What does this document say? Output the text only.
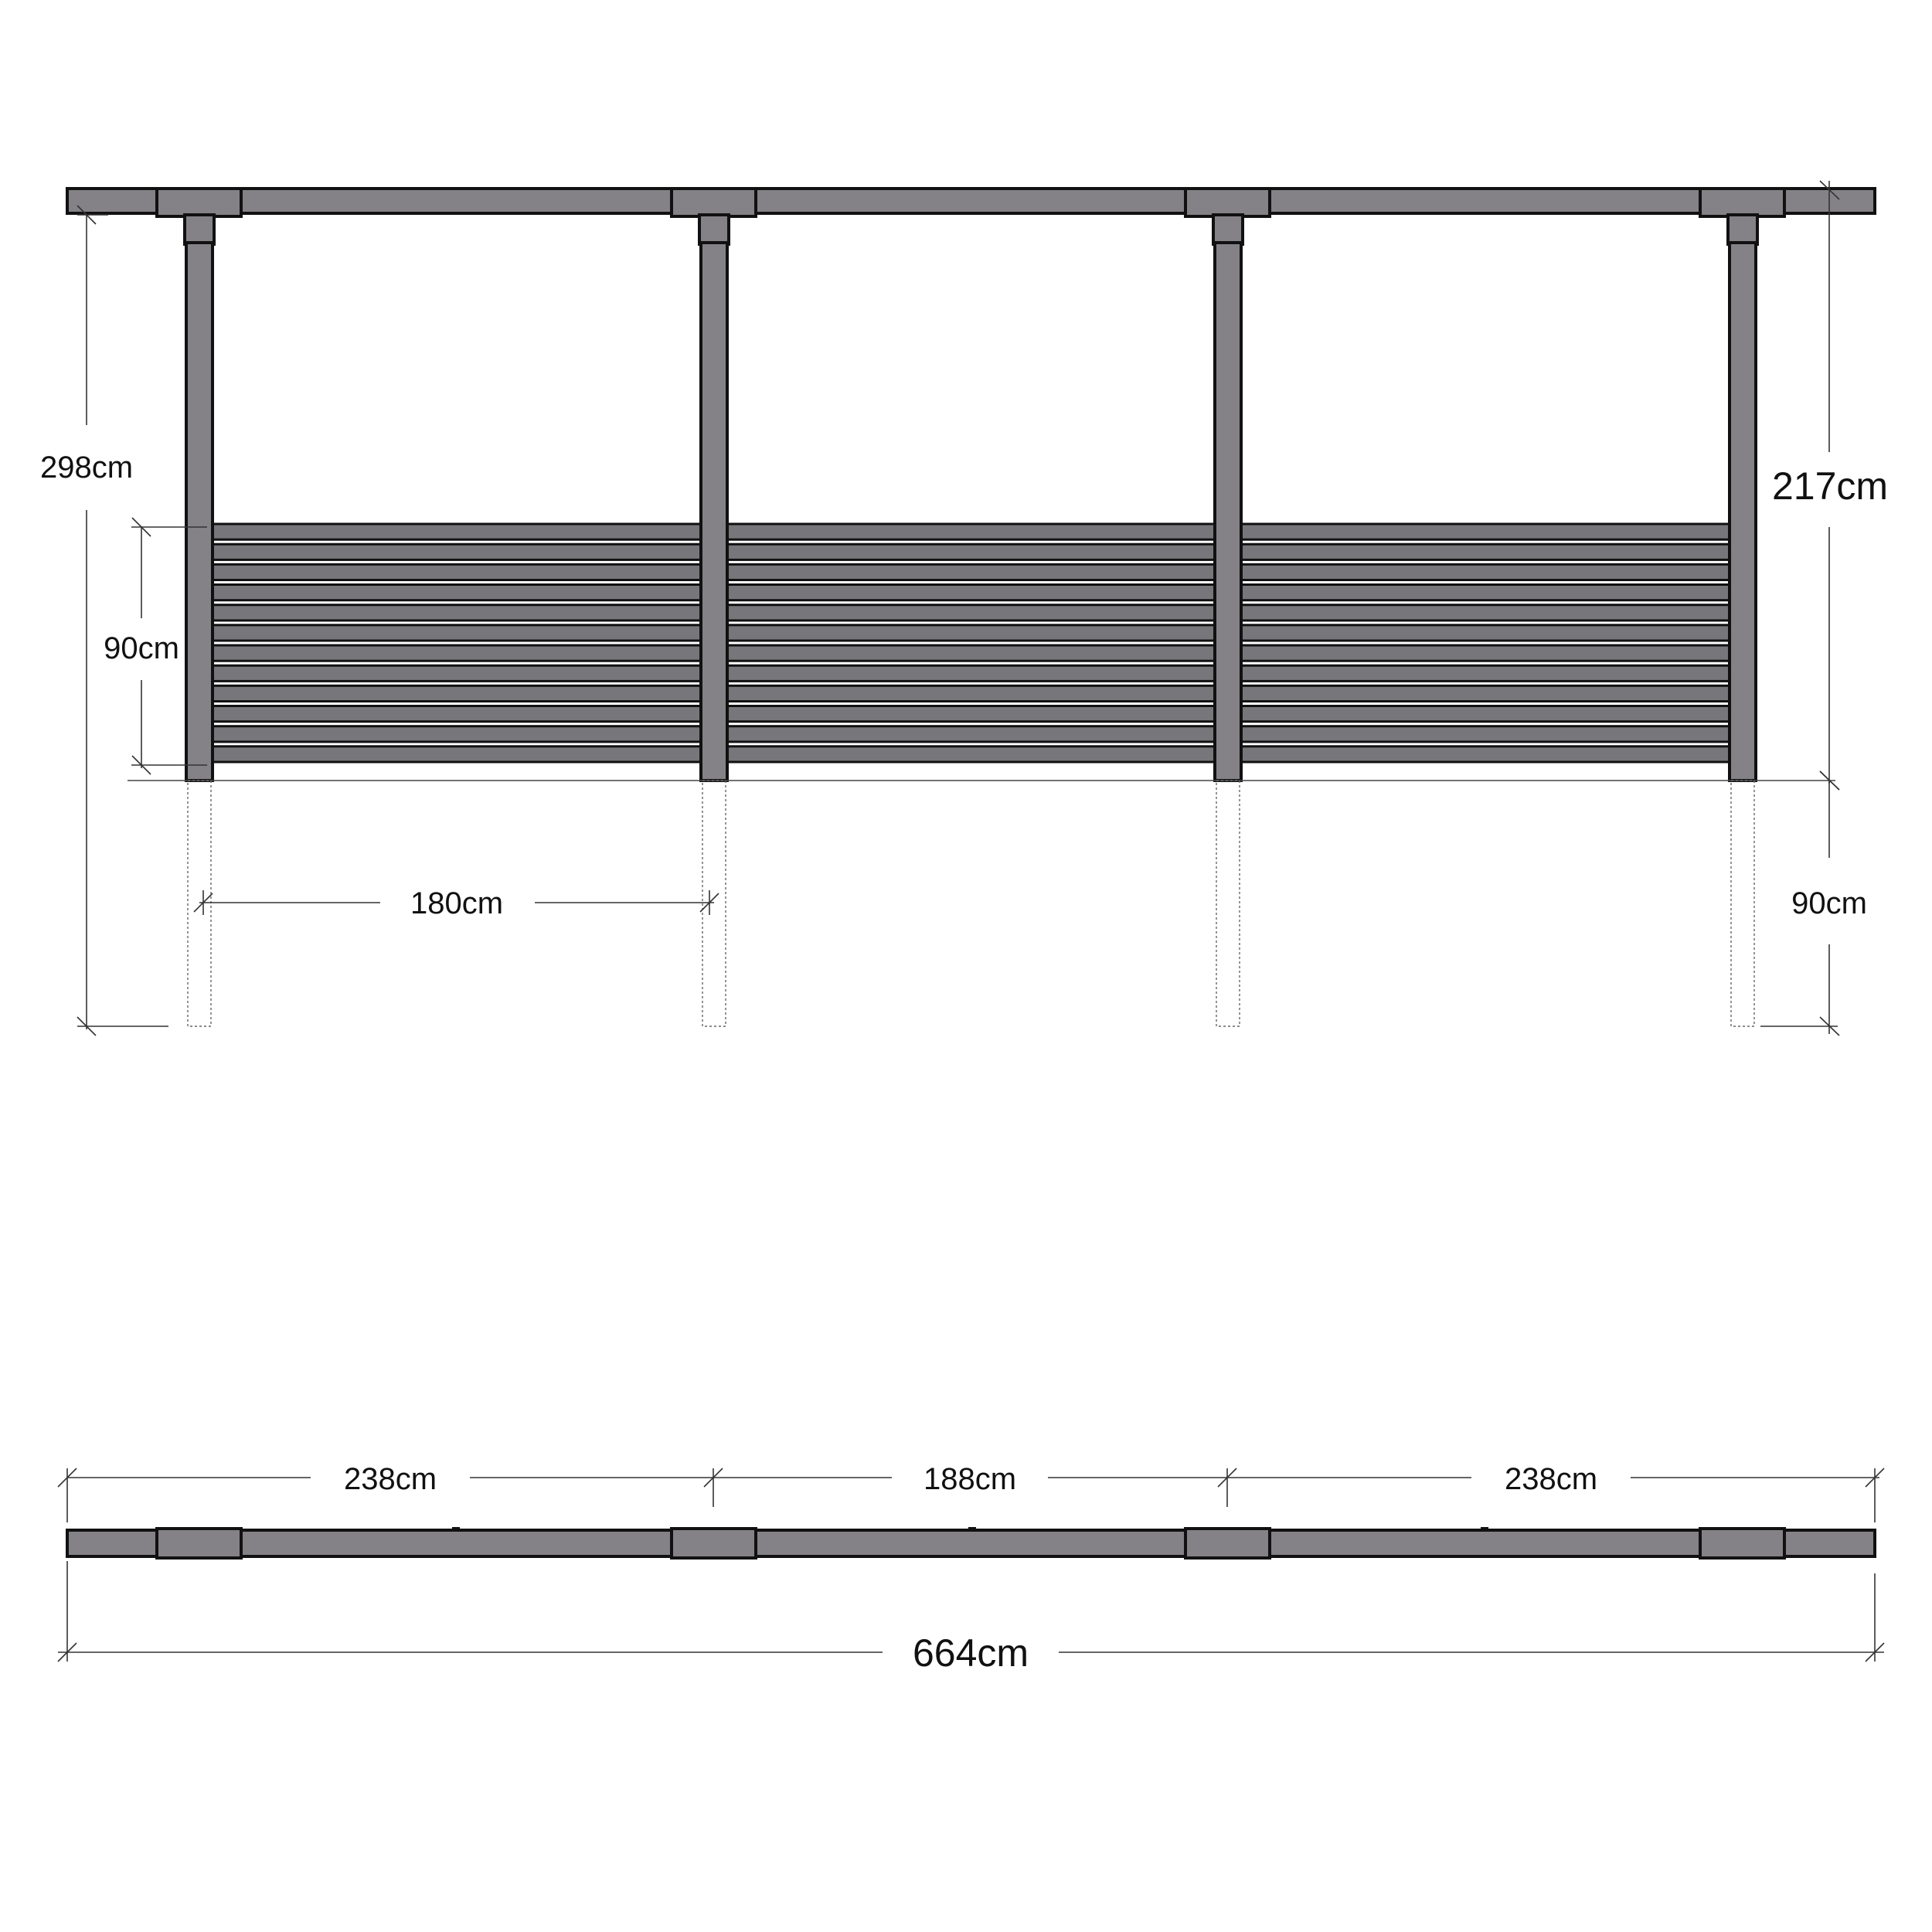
298cm
90cm
217cm
90cm
180cm
238cm	188cm	238cm
664cm
